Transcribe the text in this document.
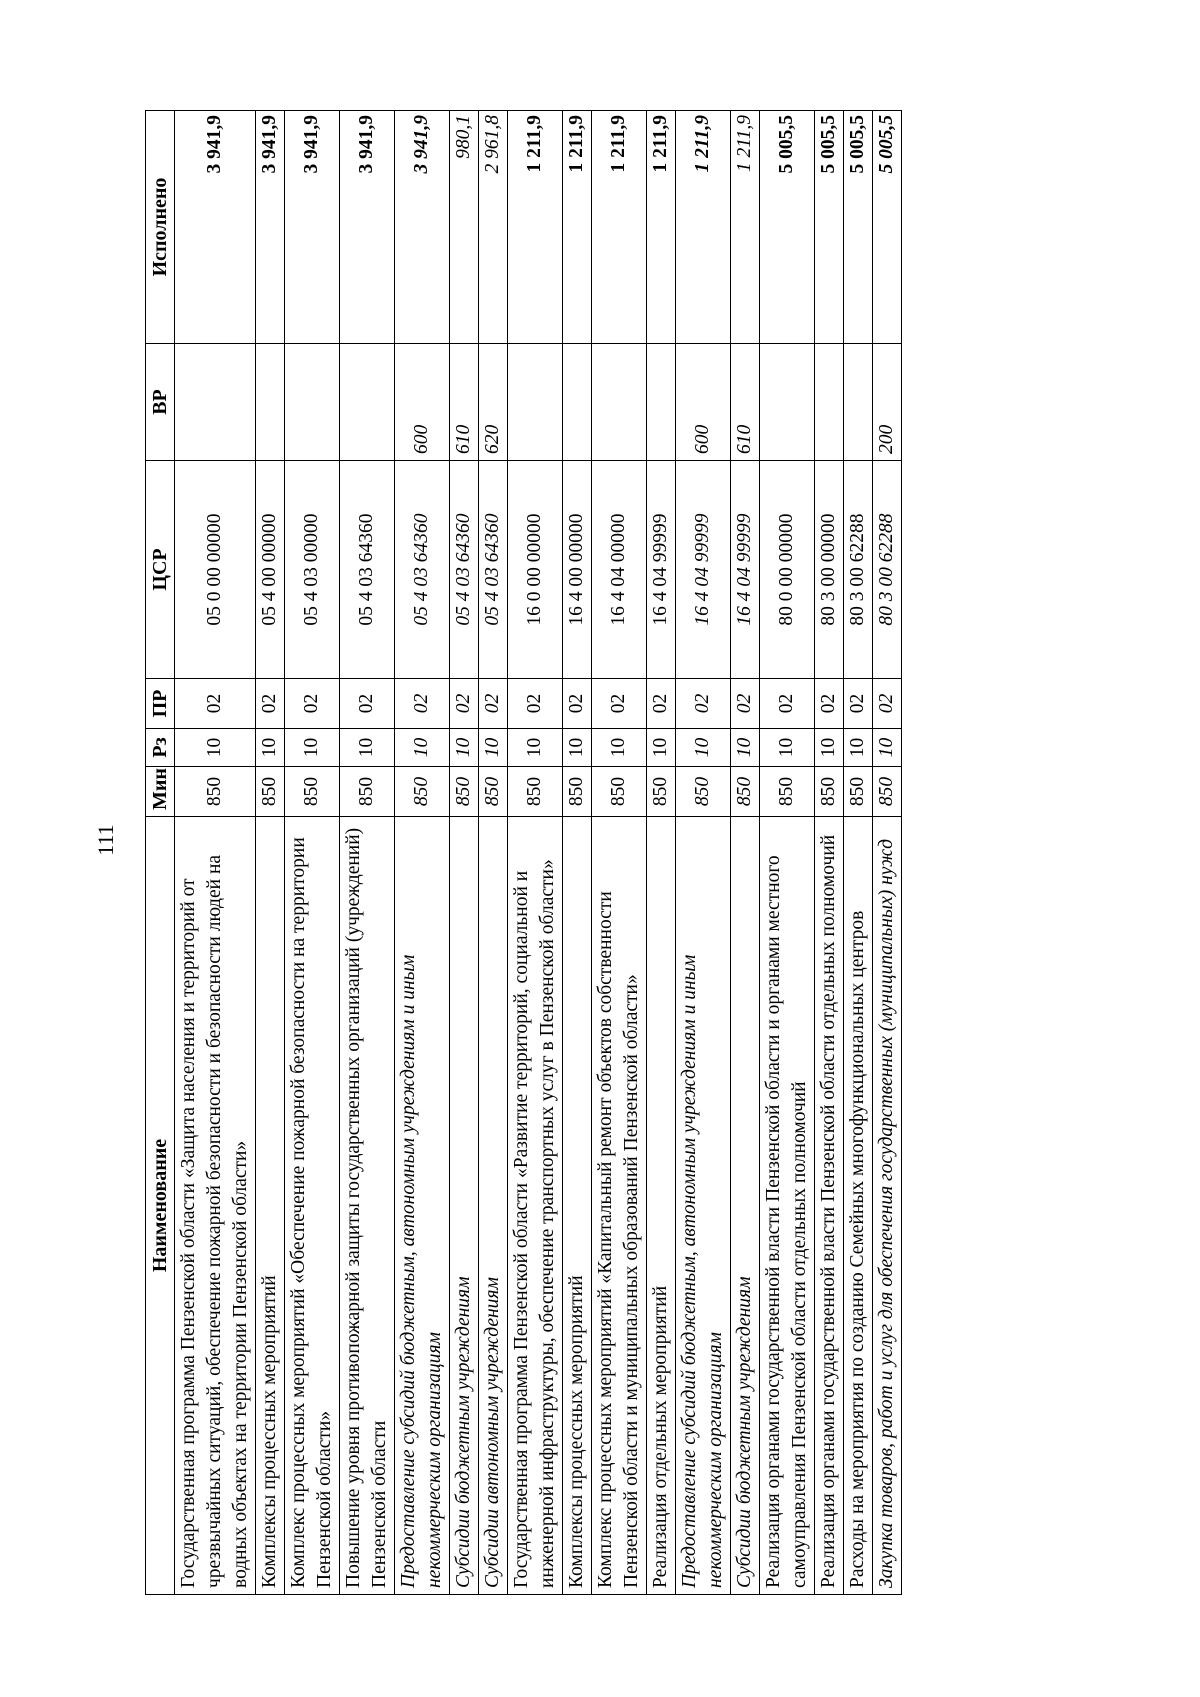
111
Наименование	Мин	Рз	ПР	ЦСР	ВР	Исполнено
Государственная программа Пензенской области «Защита населения и территорий от чрезвычайных ситуаций, обеспечение пожарной безопасности и безопасности людей на водных объектах на территории Пензенской области»	850	10	02	05 0 00 00000		3 941,9
Комплексы процессных мероприятий	850	10	02	05 4 00 00000		3 941,9
Комплекс процессных мероприятий «Обеспечение пожарной безопасности на территории Пензенской области»	850	10	02	05 4 03 00000		3 941,9
Повышение уровня противопожарной защиты государственных организаций (учреждений) Пензенской области	850	10	02	05 4 03 64360		3 941,9
Предоставление субсидий бюджетным, автономным учреждениям и иным некоммерческим организациям	850	10	02	05 4 03 64360	600	3 941,9
Субсидии бюджетным учреждениям	850	10	02	05 4 03 64360	610	980,1
Субсидии автономным учреждениям	850	10	02	05 4 03 64360	620	2 961,8
Государственная программа Пензенской области «Развитие территорий, социальной и инженерной инфраструктуры, обеспечение транспортных услуг в Пензенской области»	850	10	02	16 0 00 00000		1 211,9
Комплексы процессных мероприятий	850	10	02	16 4 00 00000		1 211,9
Комплекс процессных мероприятий «Капитальный ремонт объектов собственности Пензенской области и муниципальных образований Пензенской области»	850	10	02	16 4 04 00000		1 211,9
Реализация отдельных мероприятий	850	10	02	16 4 04 99999		1 211,9
Предоставление субсидий бюджетным, автономным учреждениям и иным некоммерческим организациям	850	10	02	16 4 04 99999	600	1 211,9
Субсидии бюджетным учреждениям	850	10	02	16 4 04 99999	610	1 211,9
Реализация органами государственной власти Пензенской области и органами местного самоуправления Пензенской области отдельных полномочий	850	10	02	80 0 00 00000		5 005,5
Реализация органами государственной власти Пензенской области отдельных полномочий	850	10	02	80 3 00 00000		5 005,5
Расходы на мероприятия по созданию Семейных многофункциональных центров	850	10	02	80 3 00 62288		5 005,5
Закупка товаров, работ и услуг для обеспечения государственных (муниципальных) нужд	850	10	02	80 3 00 62288	200	5 005,5
